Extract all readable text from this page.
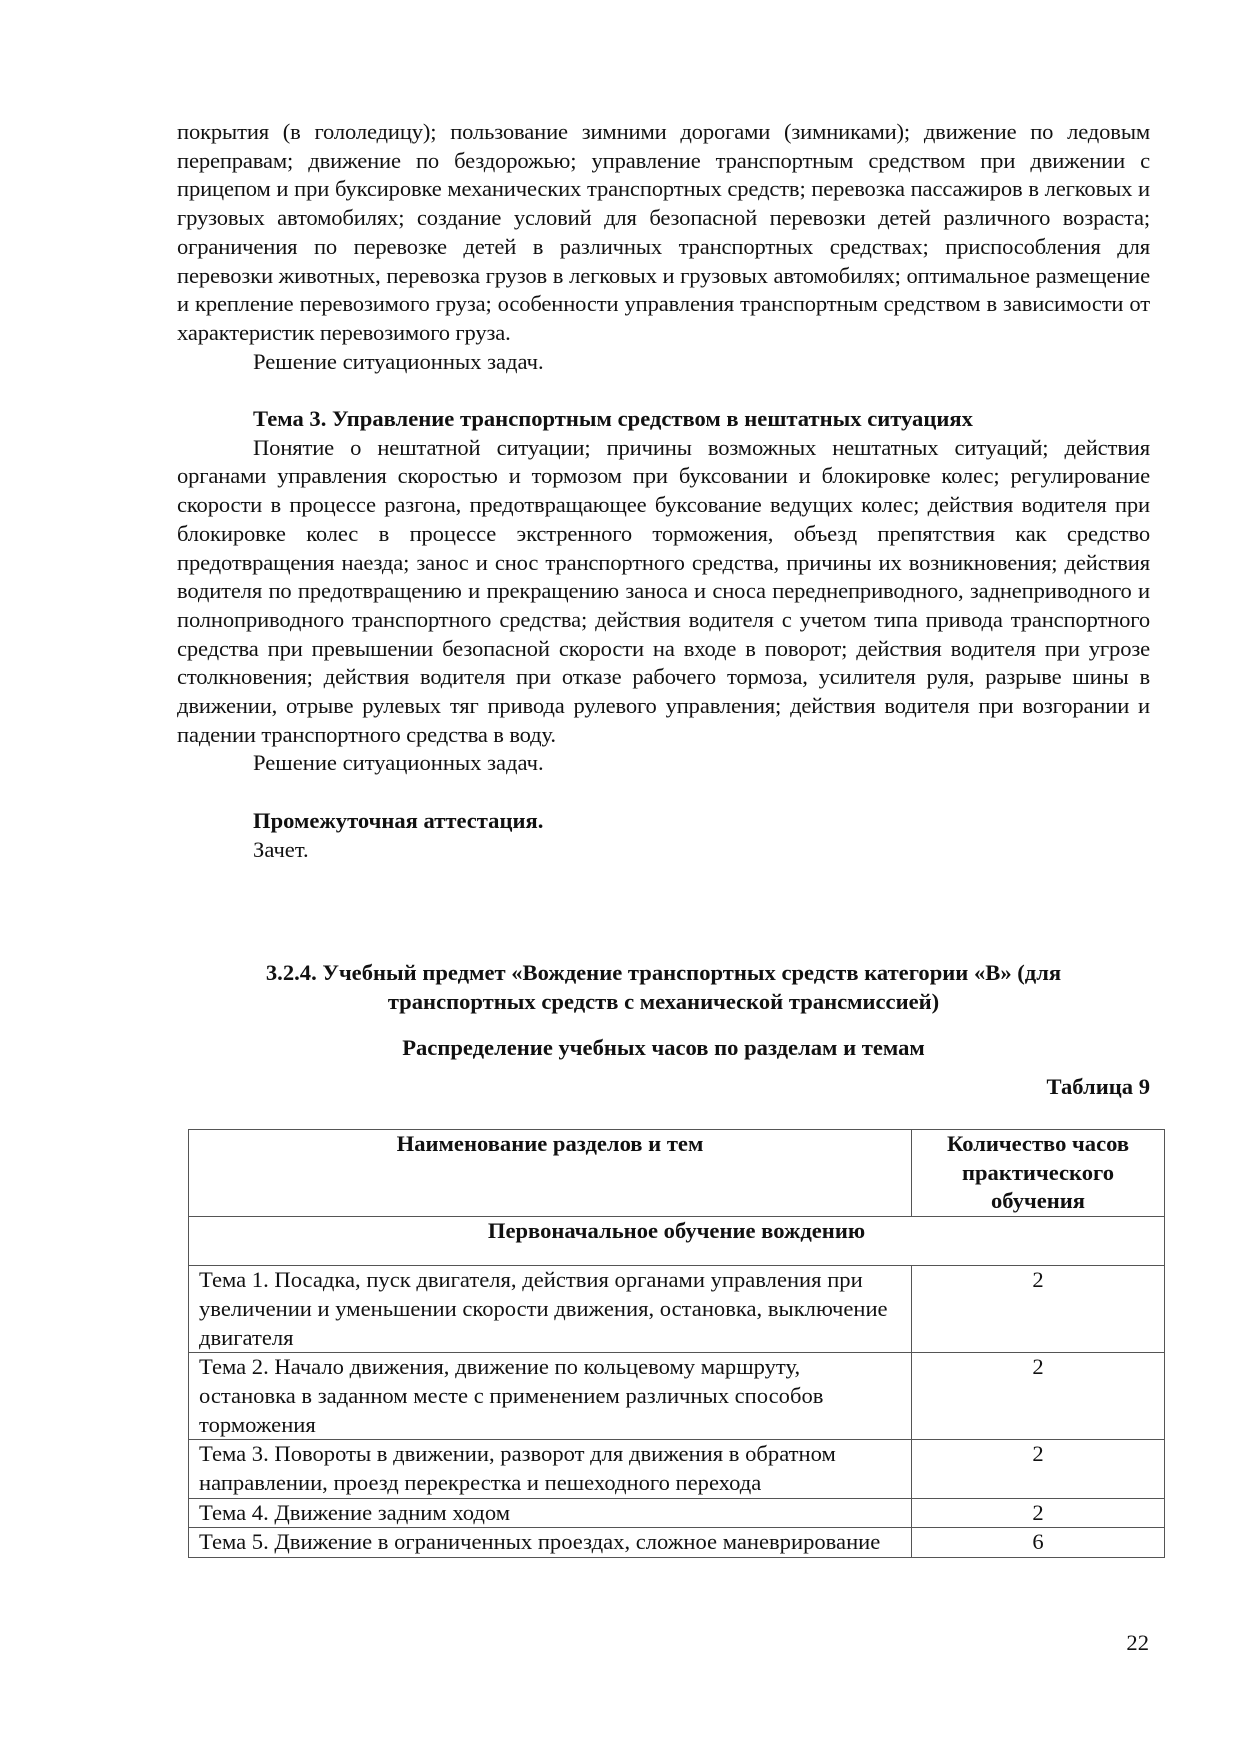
покрытия (в гололедицу); пользование зимними дорогами (зимниками); движение по ледовым переправам; движение по бездорожью; управление транспортным средством при движении с прицепом и при буксировке механических транспортных средств; перевозка пассажиров в легковых и грузовых автомобилях; создание условий для безопасной перевозки детей различного возраста; ограничения по перевозке детей в различных транспортных средствах; приспособления для перевозки животных, перевозка грузов в легковых и грузовых автомобилях; оптимальное размещение и крепление перевозимого груза; особенности управления транспортным средством в зависимости от характеристик перевозимого груза.

Решение ситуационных задач.

Тема 3. Управление транспортным средством в нештатных ситуациях

Понятие о нештатной ситуации; причины возможных нештатных ситуаций; действия органами управления скоростью и тормозом при буксовании и блокировке колес; регулирование скорости в процессе разгона, предотвращающее буксование ведущих колес; действия водителя при блокировке колес в процессе экстренного торможения, объезд препятствия как средство предотвращения наезда; занос и снос транспортного средства, причины их возникновения; действия водителя по предотвращению и прекращению заноса и сноса переднеприводного, заднеприводного и полноприводного транспортного средства; действия водителя с учетом типа привода транспортного средства при превышении безопасной скорости на входе в поворот; действия водителя при угрозе столкновения; действия водителя при отказе рабочего тормоза, усилителя руля, разрыве шины в движении, отрыве рулевых тяг привода рулевого управления; действия водителя при возгорании и падении транспортного средства в воду.

Решение ситуационных задач.

Промежуточная аттестация.

Зачет.

3.2.4. Учебный предмет «Вождение транспортных средств категории «В» (для

транспортных средств с механической трансмиссией)

Распределение учебных часов по разделам и темам

Таблица 9
Наименование разделов и тем	Количество часов практического обучения
Первоначальное обучение вождению	
Тема 1. Посадка, пуск двигателя, действия органами управления при увеличении и уменьшении скорости движения, остановка, выключение двигателя	2
Тема 2. Начало движения, движение по кольцевому маршруту, остановка в заданном месте с применением различных способов торможения	2
Тема 3. Повороты в движении, разворот для движения в обратном направлении, проезд перекрестка и пешеходного перехода	2
Тема 4. Движение задним ходом	2
Тема 5. Движение в ограниченных проездах, сложное маневрирование	6
22
